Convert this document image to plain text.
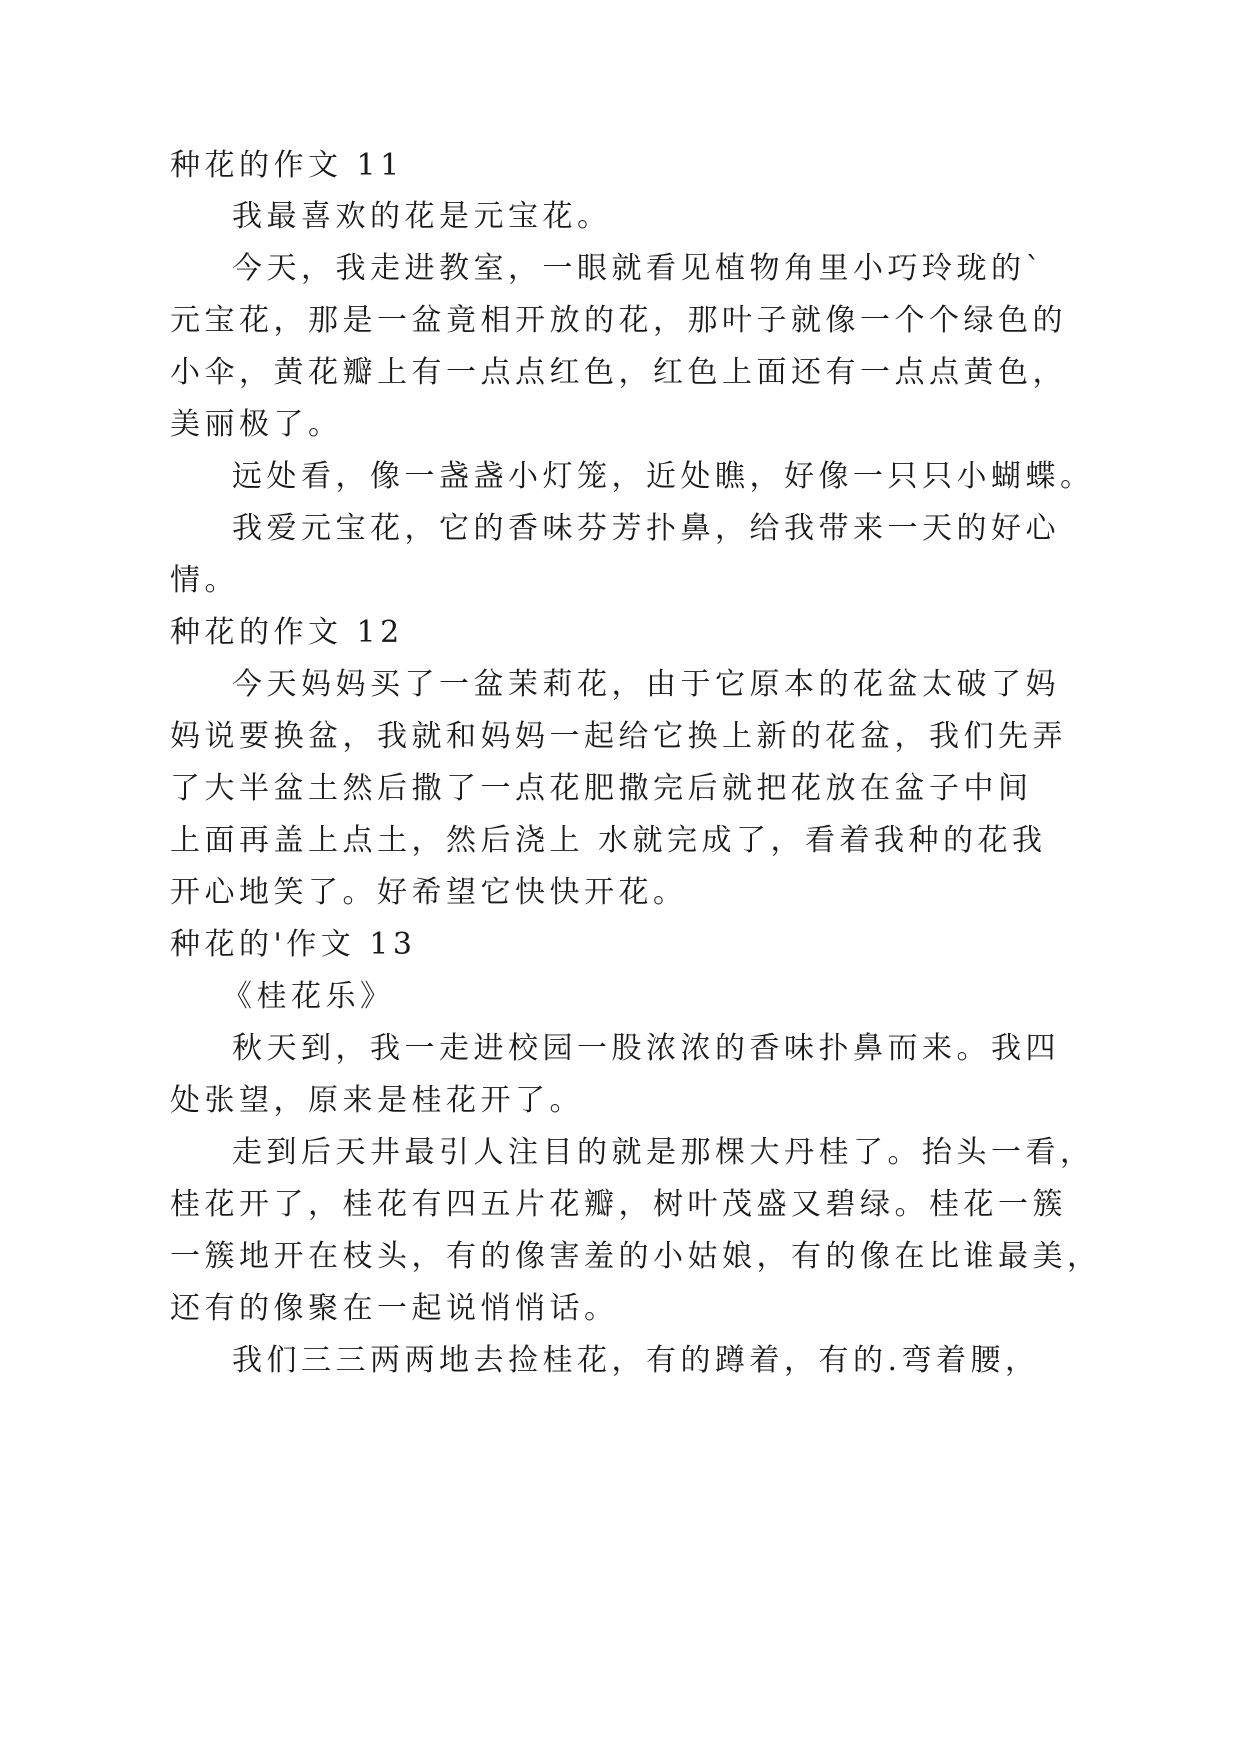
种花的作文 11
我最喜欢的花是元宝花。
今天，我走进教室，一眼就看见植物角里小巧玲珑的`
元宝花，那是一盆竟相开放的花，那叶子就像一个个绿色的
小伞，黄花瓣上有一点点红色，红色上面还有一点点黄色，
美丽极了。
远处看，像一盏盏小灯笼，近处瞧，好像一只只小蝴蝶。
我爱元宝花，它的香味芬芳扑鼻，给我带来一天的好心
情。
种花的作文 12
今天妈妈买了一盆茉莉花，由于它原本的花盆太破了妈
妈说要换盆，我就和妈妈一起给它换上新的花盆，我们先弄
了大半盆土然后撒了一点花肥撒完后就把花放在盆子中间
上面再盖上点土，然后浇上 水就完成了，看着我种的花我
开心地笑了。好希望它快快开花。
种花的'作文 13
《桂花乐》
秋天到，我一走进校园一股浓浓的香味扑鼻而来。我四
处张望，原来是桂花开了。
走到后天井最引人注目的就是那棵大丹桂了。抬头一看，
桂花开了，桂花有四五片花瓣，树叶茂盛又碧绿。桂花一簇
一簇地开在枝头，有的像害羞的小姑娘，有的像在比谁最美，
还有的像聚在一起说悄悄话。
我们三三两两地去捡桂花，有的蹲着，有的.弯着腰，
